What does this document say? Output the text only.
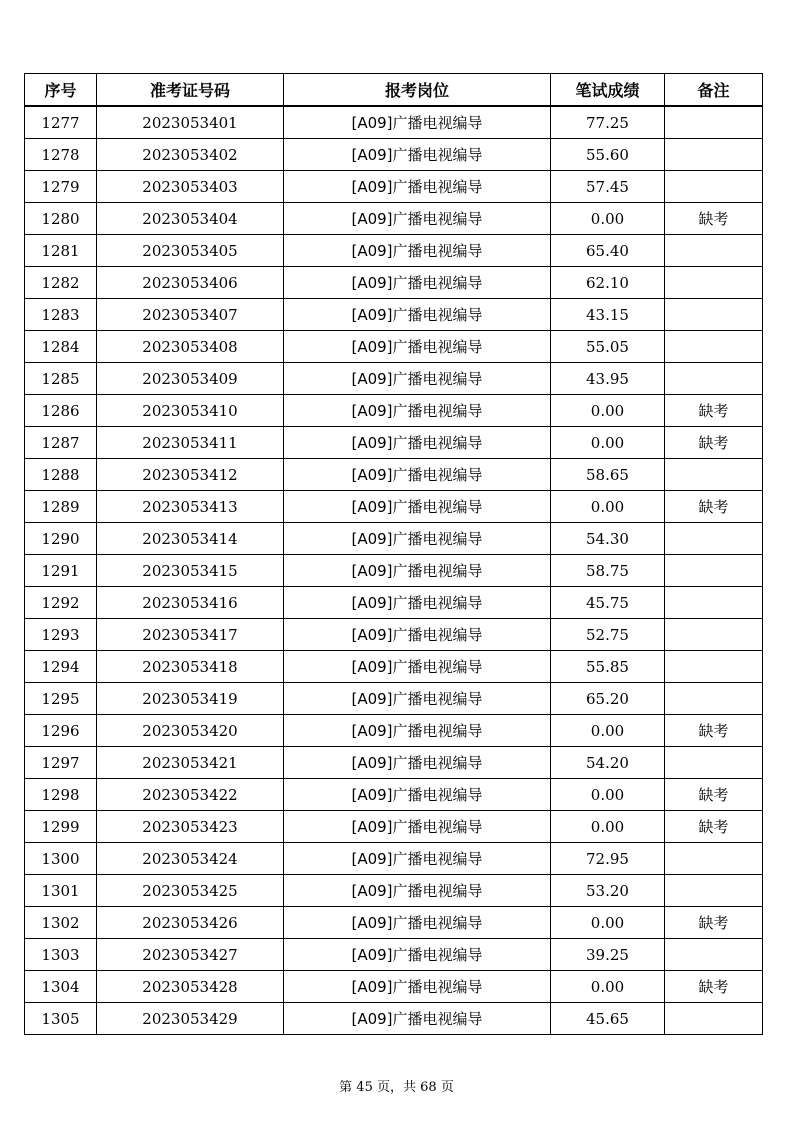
序号	准考证号码	报考岗位	笔试成绩	备注
1277	2023053401	[A09]广播电视编导	77.25	
1278	2023053402	[A09]广播电视编导	55.60	
1279	2023053403	[A09]广播电视编导	57.45	
1280	2023053404	[A09]广播电视编导	0.00	缺考
1281	2023053405	[A09]广播电视编导	65.40	
1282	2023053406	[A09]广播电视编导	62.10	
1283	2023053407	[A09]广播电视编导	43.15	
1284	2023053408	[A09]广播电视编导	55.05	
1285	2023053409	[A09]广播电视编导	43.95	
1286	2023053410	[A09]广播电视编导	0.00	缺考
1287	2023053411	[A09]广播电视编导	0.00	缺考
1288	2023053412	[A09]广播电视编导	58.65	
1289	2023053413	[A09]广播电视编导	0.00	缺考
1290	2023053414	[A09]广播电视编导	54.30	
1291	2023053415	[A09]广播电视编导	58.75	
1292	2023053416	[A09]广播电视编导	45.75	
1293	2023053417	[A09]广播电视编导	52.75	
1294	2023053418	[A09]广播电视编导	55.85	
1295	2023053419	[A09]广播电视编导	65.20	
1296	2023053420	[A09]广播电视编导	0.00	缺考
1297	2023053421	[A09]广播电视编导	54.20	
1298	2023053422	[A09]广播电视编导	0.00	缺考
1299	2023053423	[A09]广播电视编导	0.00	缺考
1300	2023053424	[A09]广播电视编导	72.95	
1301	2023053425	[A09]广播电视编导	53.20	
1302	2023053426	[A09]广播电视编导	0.00	缺考
1303	2023053427	[A09]广播电视编导	39.25	
1304	2023053428	[A09]广播电视编导	0.00	缺考
1305	2023053429	[A09]广播电视编导	45.65	
第 45 页，共 68 页
